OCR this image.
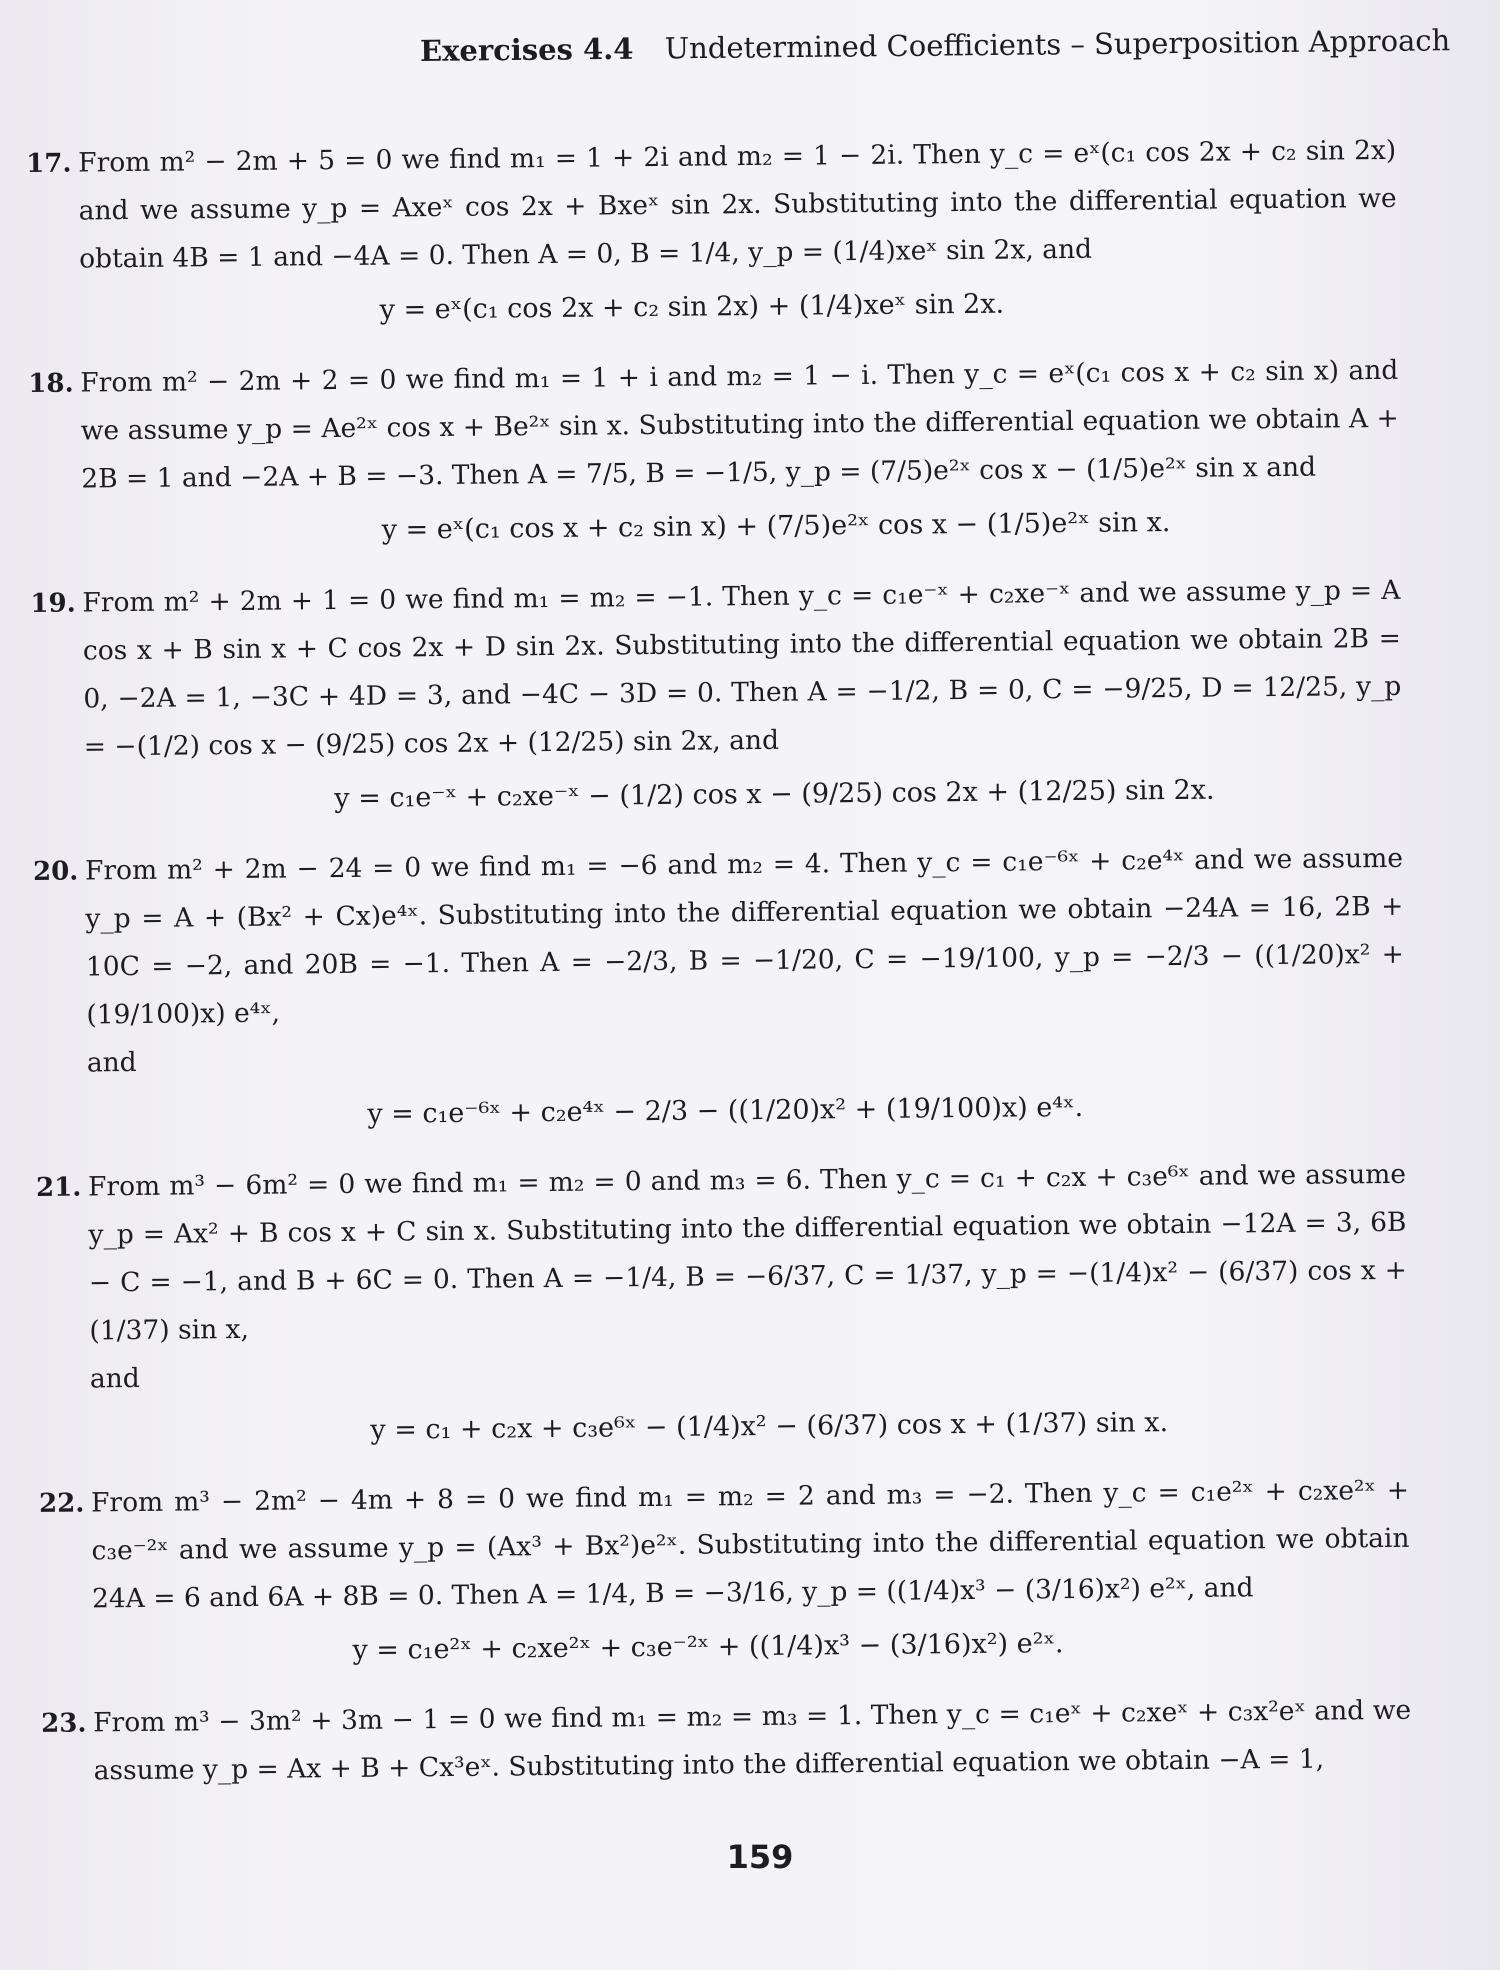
Exercises 4.4 Undetermined Coefficients – Superposition Approach
17. From m² − 2m + 5 = 0 we find m₁ = 1 + 2i and m₂ = 1 − 2i. Then y_c = eˣ(c₁ cos 2x + c₂ sin 2x) and we assume y_p = Axeˣ cos 2x + Bxeˣ sin 2x. Substituting into the differential equation we obtain 4B = 1 and −4A = 0. Then A = 0, B = 1/4, y_p = (1/4)xeˣ sin 2x, and
y = eˣ(c₁ cos 2x + c₂ sin 2x) + (1/4)xeˣ sin 2x.
18. From m² − 2m + 2 = 0 we find m₁ = 1 + i and m₂ = 1 − i. Then y_c = eˣ(c₁ cos x + c₂ sin x) and we assume y_p = Ae²ˣ cos x + Be²ˣ sin x. Substituting into the differential equation we obtain A + 2B = 1 and −2A + B = −3. Then A = 7/5, B = −1/5, y_p = (7/5)e²ˣ cos x − (1/5)e²ˣ sin x and
y = eˣ(c₁ cos x + c₂ sin x) + (7/5)e²ˣ cos x − (1/5)e²ˣ sin x.
19. From m² + 2m + 1 = 0 we find m₁ = m₂ = −1. Then y_c = c₁e⁻ˣ + c₂xe⁻ˣ and we assume y_p = A cos x + B sin x + C cos 2x + D sin 2x. Substituting into the differential equation we obtain 2B = 0, −2A = 1, −3C + 4D = 3, and −4C − 3D = 0. Then A = −1/2, B = 0, C = −9/25, D = 12/25, y_p = −(1/2) cos x − (9/25) cos 2x + (12/25) sin 2x, and
y = c₁e⁻ˣ + c₂xe⁻ˣ − (1/2) cos x − (9/25) cos 2x + (12/25) sin 2x.
20. From m² + 2m − 24 = 0 we find m₁ = −6 and m₂ = 4. Then y_c = c₁e⁻⁶ˣ + c₂e⁴ˣ and we assume y_p = A + (Bx² + Cx)e⁴ˣ. Substituting into the differential equation we obtain −24A = 16, 2B + 10C = −2, and 20B = −1. Then A = −2/3, B = −1/20, C = −19/100, y_p = −2/3 − ((1/20)x² + (19/100)x) e⁴ˣ,
and
y = c₁e⁻⁶ˣ + c₂e⁴ˣ − 2/3 − ((1/20)x² + (19/100)x) e⁴ˣ.
21. From m³ − 6m² = 0 we find m₁ = m₂ = 0 and m₃ = 6. Then y_c = c₁ + c₂x + c₃e⁶ˣ and we assume y_p = Ax² + B cos x + C sin x. Substituting into the differential equation we obtain −12A = 3, 6B − C = −1, and B + 6C = 0. Then A = −1/4, B = −6/37, C = 1/37, y_p = −(1/4)x² − (6/37) cos x + (1/37) sin x,
and
y = c₁ + c₂x + c₃e⁶ˣ − (1/4)x² − (6/37) cos x + (1/37) sin x.
22. From m³ − 2m² − 4m + 8 = 0 we find m₁ = m₂ = 2 and m₃ = −2. Then y_c = c₁e²ˣ + c₂xe²ˣ + c₃e⁻²ˣ and we assume y_p = (Ax³ + Bx²)e²ˣ. Substituting into the differential equation we obtain 24A = 6 and 6A + 8B = 0. Then A = 1/4, B = −3/16, y_p = ((1/4)x³ − (3/16)x²) e²ˣ, and
y = c₁e²ˣ + c₂xe²ˣ + c₃e⁻²ˣ + ((1/4)x³ − (3/16)x²) e²ˣ.
23. From m³ − 3m² + 3m − 1 = 0 we find m₁ = m₂ = m₃ = 1. Then y_c = c₁eˣ + c₂xeˣ + c₃x²eˣ and we assume y_p = Ax + B + Cx³eˣ. Substituting into the differential equation we obtain −A = 1,
159
